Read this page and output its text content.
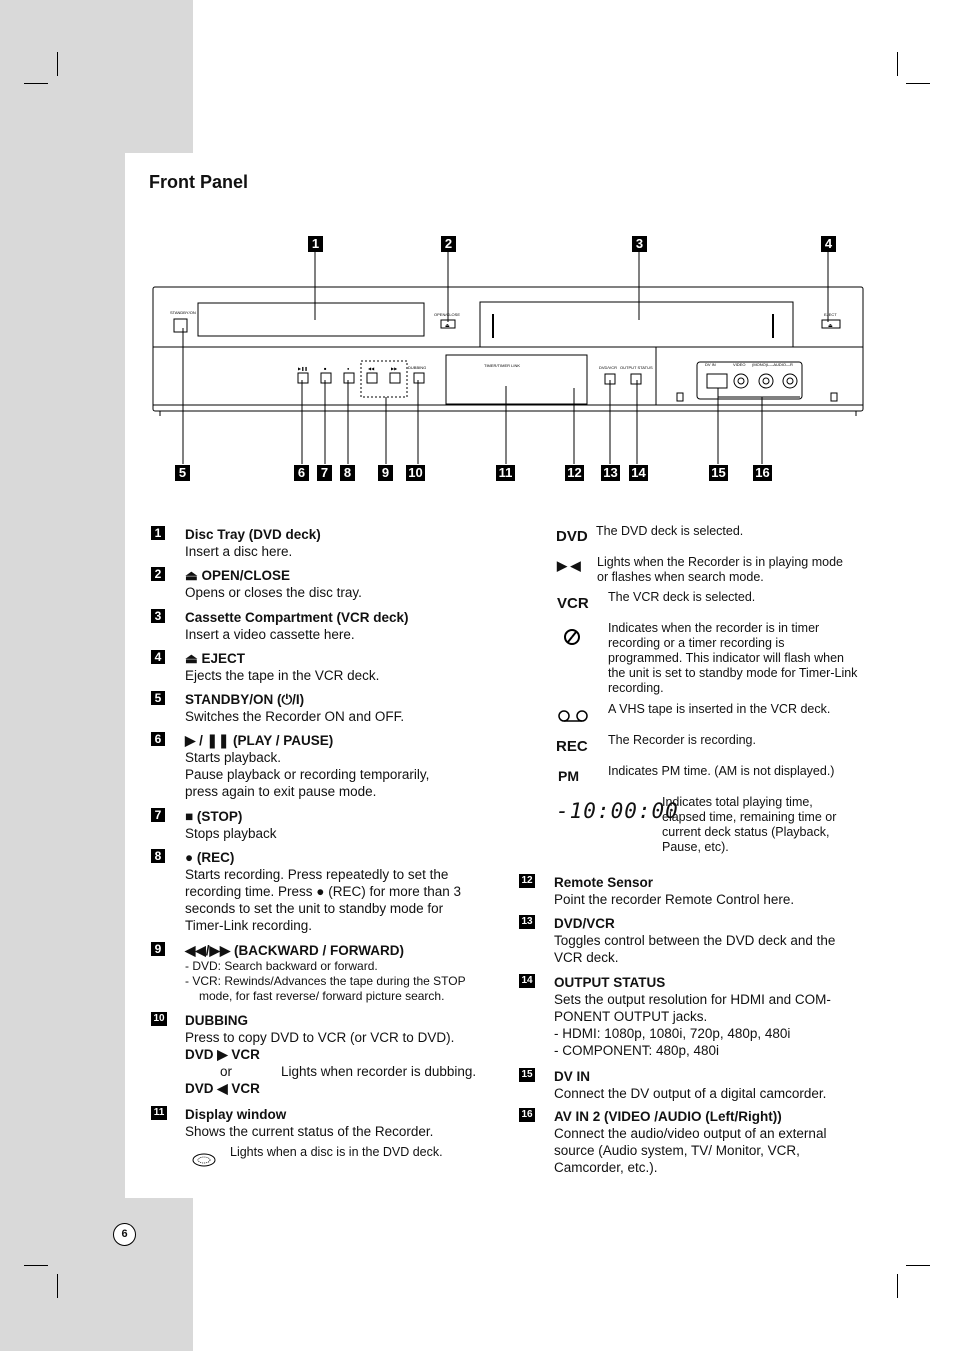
Front Panel
STANDBY/ON	OPEN/CLOSE	EJECT
DUBBING	TIMER/TIMER LINK	DVD/VCR OUTPUT STATUS
DV IN	VIDEO (MONO)L—AUDIO—R
▶❚❚	■	●	◀◀	▶▶
⏏	⏏
1	2	3	4
5	6 7 8 9 10	11	12 13 14	15 16
1 Disc Tray (DVD deck)

Insert a disc here.

2 ⏏ OPEN/CLOSE

Opens or closes the disc tray.

3 Cassette Compartment (VCR deck)

Insert a video cassette here.

4 ⏏ EJECT

Ejects the tape in the VCR deck.

5 STANDBY/ON (⏻/I)

Switches the Recorder ON and OFF.

6 ▶ / ❚❚ (PLAY / PAUSE)

Starts playback.

Pause playback or recording temporarily,

press again to exit pause mode.

7 ■ (STOP)

Stops playback

8 ● (REC)

Starts recording. Press repeatedly to set the

recording time. Press ● (REC) for more than 3

seconds to set the unit to standby mode for

Timer-Link recording.

9 ◀◀/▶▶ (BACKWARD / FORWARD)

- DVD: Search backward or forward.

- VCR: Rewinds/Advances the tape during the STOP mode, for fast reverse/ forward picture search.

10 DUBBING

Press to copy DVD to VCR (or VCR to DVD).

DVD ▶ VCR

or	Lights when recorder is dubbing.

DVD ◀ VCR

11 Display window

Shows the current status of the Recorder.

Lights when a disc is in the DVD deck.
DVD The DVD deck is selected.
▶ ◀ Lights when the Recorder is in playing mode or flashes when search mode.
VCR The VCR deck is selected.
Indicates when the recorder is in timer recording or a timer recording is programmed. This indicator will flash when the unit is set to standby mode for Timer-Link recording.
A VHS tape is inserted in the VCR deck.
REC The Recorder is recording.
PM Indicates PM time. (AM is not displayed.)
-10:00:00
Indicates total playing time, elapsed time, remaining time or current deck status (Playback, Pause, etc).
12 Remote Sensor

Point the recorder Remote Control here.

13 DVD/VCR

Toggles control between the DVD deck and the

VCR deck.

14 OUTPUT STATUS

Sets the output resolution for HDMI and COM-

PONENT OUTPUT jacks.

- HDMI: 1080p, 1080i, 720p, 480p, 480i

- COMPONENT: 480p, 480i

15 DV IN

Connect the DV output of a digital camcorder.

16 AV IN 2 (VIDEO /AUDIO (Left/Right))

Connect the audio/video output of an external

source (Audio system, TV/ Monitor, VCR,

Camcorder, etc.).

6
